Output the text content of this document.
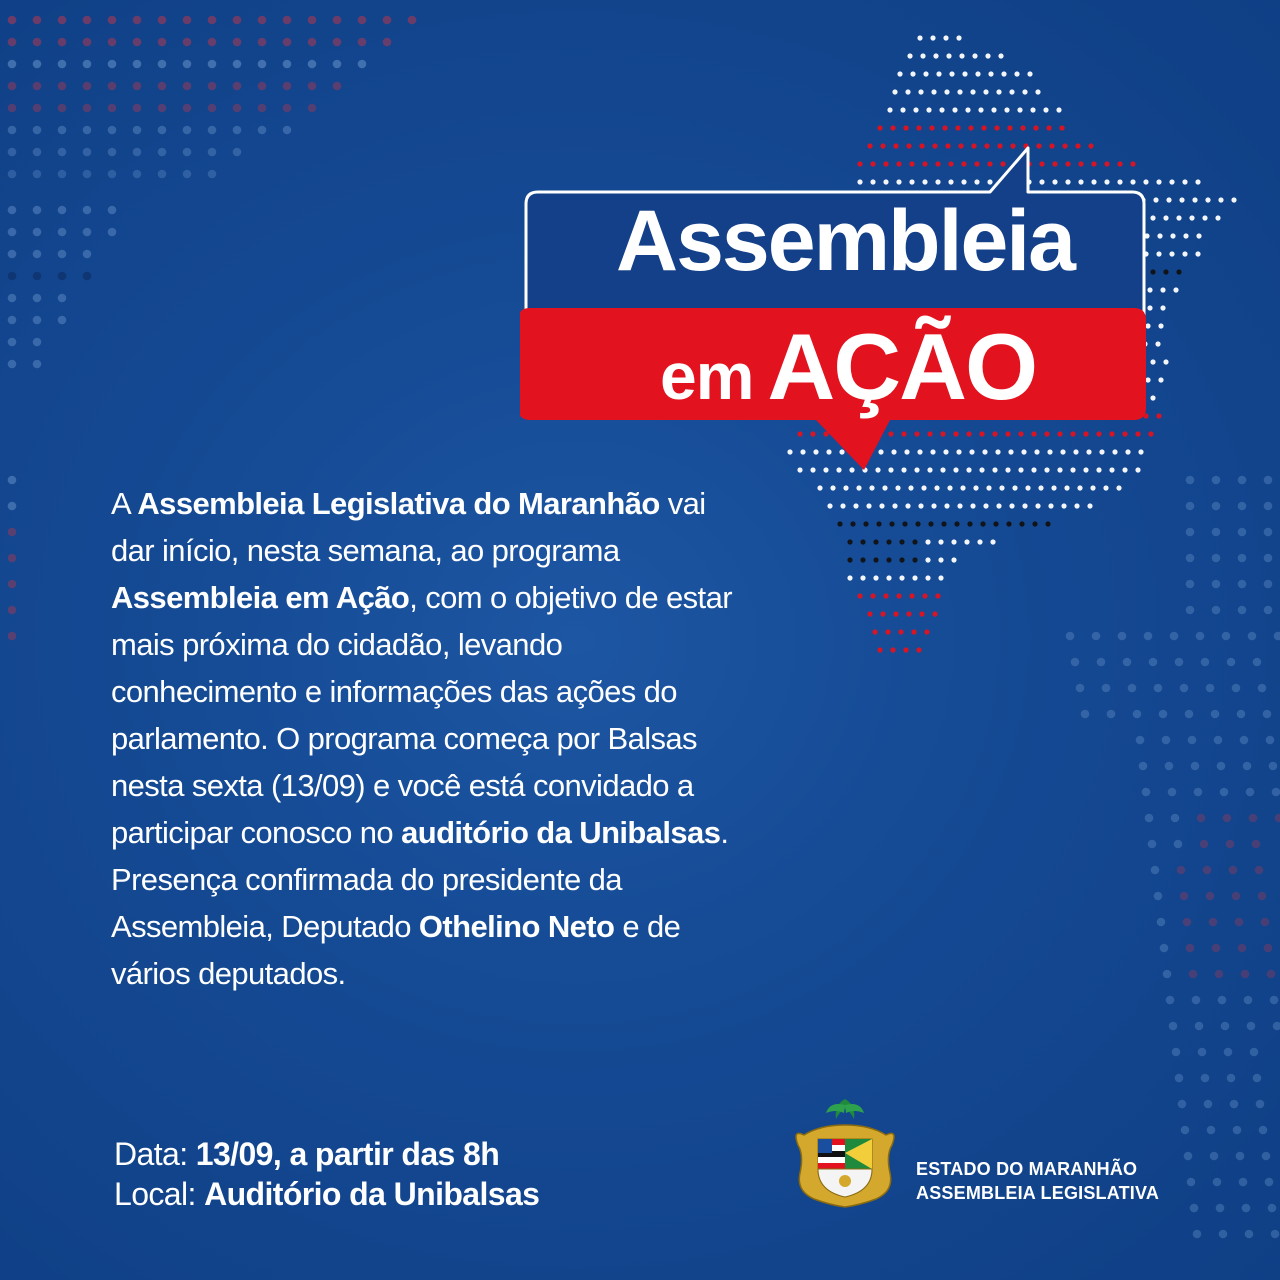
Assembleia
em AÇÃO
A Assembleia Legislativa do Maranhão vai dar início, nesta semana, ao programa Assembleia em Ação, com o objetivo de estar mais próxima do cidadão, levando conhecimento e informações das ações do parlamento. O programa começa por Balsas nesta sexta (13/09) e você está convidado a participar conosco no auditório da Unibalsas. Presença confirmada do presidente da Assembleia, Deputado Othelino Neto e de vários deputados.
Data: 13/09, a partir das 8h
Local: Auditório da Unibalsas
ESTADO DO MARANHÃO
ASSEMBLEIA LEGISLATIVA
